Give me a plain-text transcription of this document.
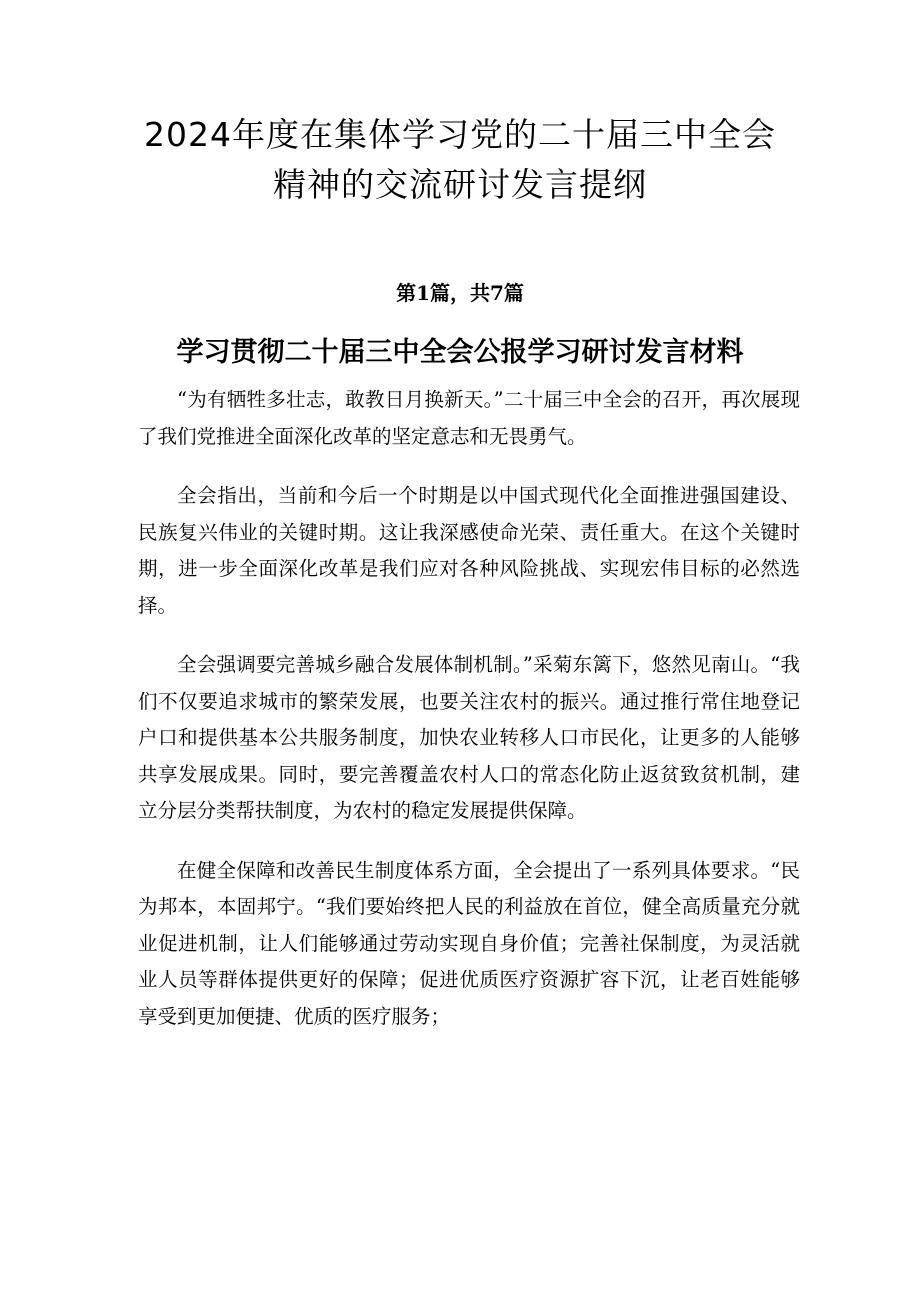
2024年度在集体学习党的二十届三中全会
精神的交流研讨发言提纲
第1篇，共7篇
学习贯彻二十届三中全会公报学习研讨发言材料

“为有牺牲多壮志，敢教日月换新天。”二十届三中全会的召开，再次展现了我们党推进全面深化改革的坚定意志和无畏勇气。

全会指出，当前和今后一个时期是以中国式现代化全面推进强国建设、民族复兴伟业的关键时期。这让我深感使命光荣、责任重大。在这个关键时期，进一步全面深化改革是我们应对各种风险挑战、实现宏伟目标的必然选择。

全会强调要完善城乡融合发展体制机制。”采菊东篱下，悠然见南山。“我们不仅要追求城市的繁荣发展，也要关注农村的振兴。通过推行常住地登记户口和提供基本公共服务制度，加快农业转移人口市民化，让更多的人能够共享发展成果。同时，要完善覆盖农村人口的常态化防止返贫致贫机制，建立分层分类帮扶制度，为农村的稳定发展提供保障。

在健全保障和改善民生制度体系方面，全会提出了一系列具体要求。“民为邦本，本固邦宁。“我们要始终把人民的利益放在首位，健全高质量充分就业促进机制，让人们能够通过劳动实现自身价值；完善社保制度，为灵活就业人员等群体提供更好的保障；促进优质医疗资源扩容下沉，让老百姓能够享受到更加便捷、优质的医疗服务；
